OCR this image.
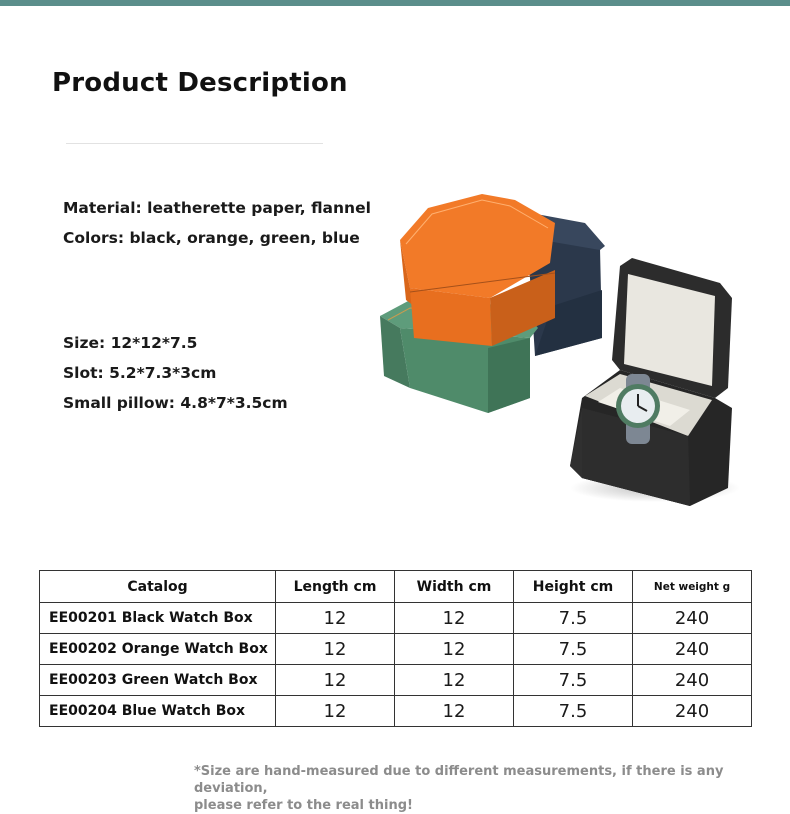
Product Description
Material: leatherette paper, flannel
Colors: black, orange, green, blue
Size: 12*12*7.5
Slot: 5.2*7.3*3cm
Small pillow: 4.8*7*3.5cm
Catalog	Length cm	Width cm	Height cm	Net weight g
EE00201 Black Watch Box	12	12	7.5	240
EE00202 Orange Watch Box	12	12	7.5	240
EE00203 Green Watch Box	12	12	7.5	240
EE00204 Blue Watch Box	12	12	7.5	240
*Size are hand-measured due to different measurements, if there is any deviation,
please refer to the real thing!
